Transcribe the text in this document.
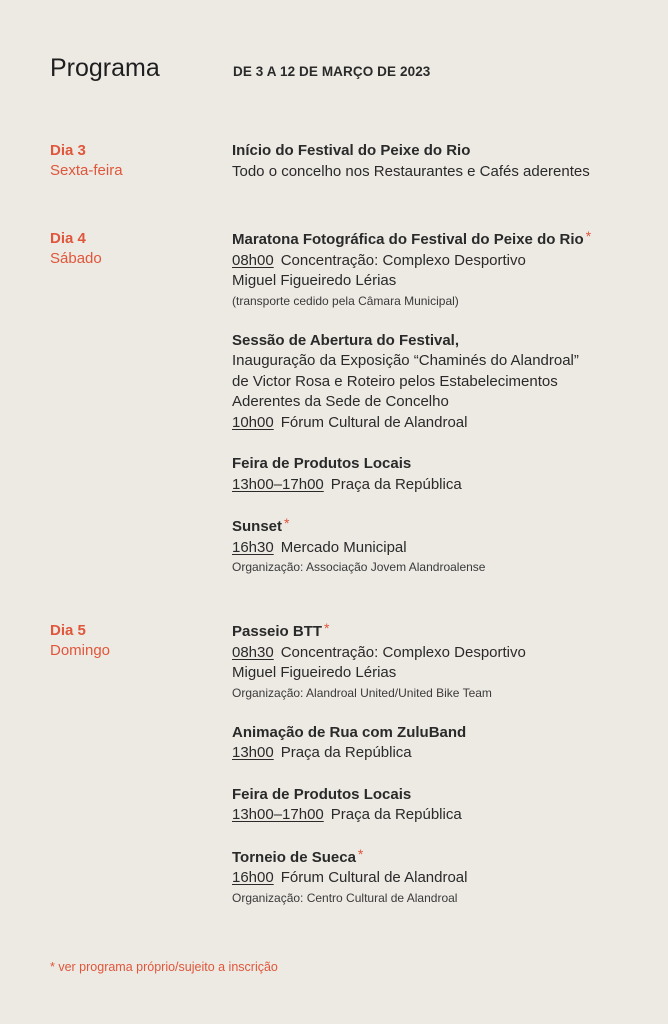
Programa	DE 3 A 12 DE MARÇO DE 2023
Dia 3
Sexta-feira
Início do Festival do Peixe do Rio
Todo o concelho nos Restaurantes e Cafés aderentes
Dia 4
Sábado
Maratona Fotográfica do Festival do Peixe do Rio *
08h00 Concentração: Complexo Desportivo
Miguel Figueiredo Lérias
(transporte cedido pela Câmara Municipal)
Sessão de Abertura do Festival,
Inauguração da Exposição “Chaminés do Alandroal”
de Victor Rosa e Roteiro pelos Estabelecimentos
Aderentes da Sede de Concelho
10h00 Fórum Cultural de Alandroal
Feira de Produtos Locais
13h00–17h00 Praça da República
Sunset *
16h30 Mercado Municipal
Organização: Associação Jovem Alandroalense
Dia 5
Domingo
Passeio BTT *
08h30 Concentração: Complexo Desportivo
Miguel Figueiredo Lérias
Organização: Alandroal United/United Bike Team
Animação de Rua com ZuluBand
13h00 Praça da República
Feira de Produtos Locais
13h00–17h00 Praça da República
Torneio de Sueca *
16h00 Fórum Cultural de Alandroal
Organização: Centro Cultural de Alandroal
* ver programa próprio/sujeito a inscrição
